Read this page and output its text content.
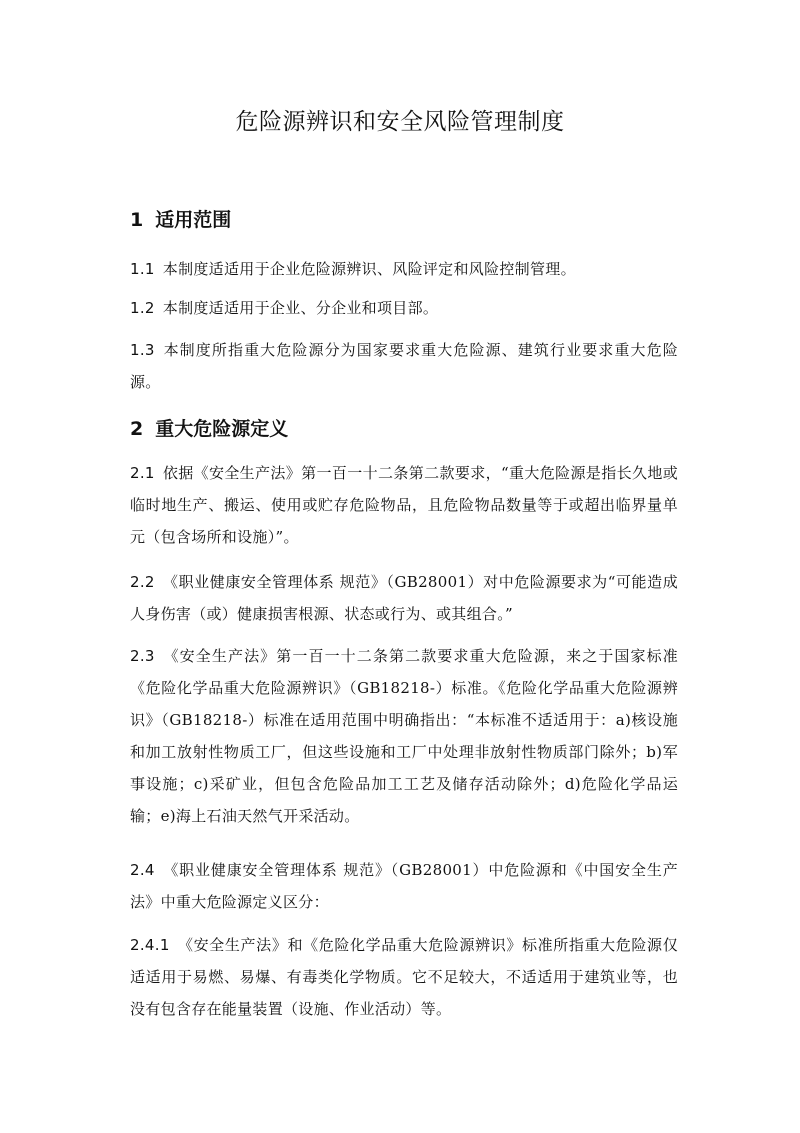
危险源辨识和安全风险管理制度
1 适用范围
1.1 本制度适适用于企业危险源辨识、风险评定和风险控制管理。
1.2 本制度适适用于企业、分企业和项目部。
1.3 本制度所指重大危险源分为国家要求重大危险源、建筑行业要求重大危险源。
2 重大危险源定义
2.1 依据《安全生产法》第一百一十二条第二款要求，“重大危险源是指长久地或临时地生产、搬运、使用或贮存危险物品，且危险物品数量等于或超出临界量单元（包含场所和设施）”。
2.2 《职业健康安全管理体系 规范》（GB28001）对中危险源要求为“可能造成人身伤害（或）健康损害根源、状态或行为、或其组合。”
2.3 《安全生产法》第一百一十二条第二款要求重大危险源，来之于国家标准《危险化学品重大危险源辨识》（GB18218-）标准。《危险化学品重大危险源辨识》（GB18218-）标准在适用范围中明确指出：“本标准不适适用于：a)核设施和加工放射性物质工厂，但这些设施和工厂中处理非放射性物质部门除外；b)军事设施；c)采矿业，但包含危险品加工工艺及储存活动除外；d)危险化学品运输；e)海上石油天然气开采活动。
2.4 《职业健康安全管理体系 规范》（GB28001）中危险源和《中国安全生产法》中重大危险源定义区分：
2.4.1 《安全生产法》和《危险化学品重大危险源辨识》标准所指重大危险源仅适适用于易燃、易爆、有毒类化学物质。它不足较大，不适适用于建筑业等，也没有包含存在能量装置（设施、作业活动）等。
